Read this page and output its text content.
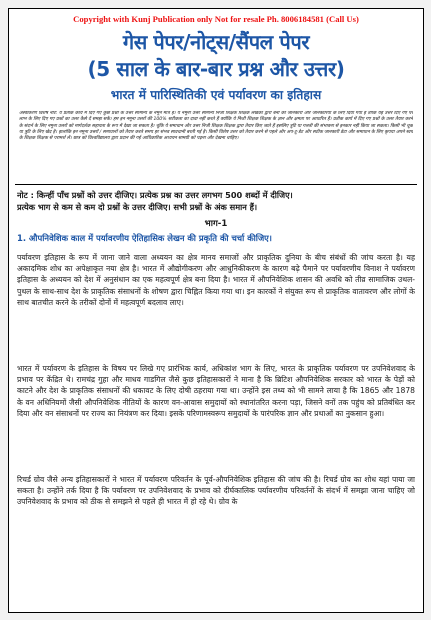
Copyright with Kunj Publication only Not for resale Ph. 8006184581 (Call Us)
गेस पेपर/नोट्स/सैंपल पेपर
(5 साल के बार-बार प्रश्न और उत्तर)
भारत में पारिस्थितिकी एवं पर्यावरण का इतिहास
अस्वीकरण विशेष नोट: ये प्रतीक कार्य में दिए गए कुछ प्रश्नों के उत्तर सामान्य के नमूने मात्र हैं। ये नमूना उत्तर सामान्य निजी शिक्षक शिक्षक लेखकों द्वारा बना की जानकारी और जानकारियों के लिए दिया गया है ताकि यह उत्तर दिए गए पर लाभ के लिए दिए गए प्रश्नों का उत्तर कैसे दें समझ सकें। हम इन नमूना उत्तरों की 100% सटीकता का दावा नहीं करते हैं क्योंकि ये निजी शिक्षक शिक्षक के ज्ञान और क्षमता पर आधारित हैं। प्रतीक कार्य में दिए गए प्रश्नों के उत्तर तैयार करने के संदर्भ के लिए नमूना उत्तरों को मार्गदर्शक सहायता के रूप में देखा जा सकता है। चूंकि ये समाधान और उत्तर निजी शिक्षक शिक्षक द्वारा तैयार किए जाते हैं इसलिए त्रुटि या गलती की संभावना से इनकार नहीं किया जा सकता। किसी भी चूक या त्रुटि के लिए खेद है। हालांकि इन नमूना उत्तरों / समाधानों को तैयार करते समय हर संभव सावधानी बरती गई है। किसी विशेष उत्तर को तैयार करने से पहले और अप-टू-डेट और सटीक जानकारी डेटा और समाधान के लिए कृपया अपने स्वयं के शिक्षक शिक्षक से परामर्श लें। छात्र को विश्वविद्यालय द्वारा प्रदान की गई आधिकारिक अध्ययन सामग्री को पढ़ना और देखना चाहिए।
नोट : किन्हीं पाँच प्रश्नों को उत्तर दीजिए। प्रत्येक प्रश्न का उत्तर लगभग 500 शब्दों में दीजिए।
प्रत्येक भाग से कम से कम दो प्रश्नों के उत्तर दीजिए। सभी प्रश्नों के अंक समान हैं।
भाग-1
1. औपनिवेशिक काल में पर्यावरणीय ऐतिहासिक लेखन की प्रकृति की चर्चा कीजिए।
पर्यावरण इतिहास के रूप में जाना जाने वाला अध्ययन का क्षेत्र मानव समाजों और प्राकृतिक दुनिया के बीच संबंधों की जांच करता है। यह अकादमिक शोध का अपेक्षाकृत नया क्षेत्र है। भारत में औद्योगीकरण और आधुनिकीकरण के कारण बढ़े पैमाने पर पर्यावरणीय विनाश ने पर्यावरण इतिहास के अध्ययन को देश में अनुसंधान का एक महत्वपूर्ण क्षेत्र बना दिया है। भारत में औपनिवेशिक शासन की अवधि को तीव्र सामाजिक उथल-पुथल के साथ-साथ देश के प्राकृतिक संसाधनों के शोषण द्वारा चिह्नित किया गया था। इन कारकों ने संयुक्त रूप से प्राकृतिक वातावरण और लोगों के साथ बातचीत करने के तरीकों दोनों में महत्वपूर्ण बदलाव लाए।
भारत में पर्यावरण के इतिहास के विषय पर लिखे गए प्रारंभिक कार्य, अधिकांश भाग के लिए, भारत के प्राकृतिक पर्यावरण पर उपनिवेशवाद के प्रभाव पर केंद्रित थे। रामचंद्र गुहा और माधव गाडगिल जैसे कुछ इतिहासकारों ने माना है कि ब्रिटिश औपनिवेशिक सरकार को भारत के पेड़ों को काटने और देश के प्राकृतिक संसाधनों की धकावट के लिए दोषी ठहराया गया था। उन्होंने इस तथ्य को भी सामने लाया है कि 1865 और 1878 के वन अधिनियमों जैसी औपनिवेशिक नीतियों के कारण वन-आवास समुदायों को स्थानांतरित करना पड़ा, जिसने वनों तक पहुंच को प्रतिबंधित कर दिया और वन संसाधनों पर राज्य का नियंत्रण कर दिया। इसके परिणामस्वरूप समुदायों के पारंपरिक ज्ञान और प्रथाओं का नुकसान हुआ।
रिचर्ड ग्रोव जैसे अन्य इतिहासकारों ने भारत में पर्यावरण परिवर्तन के पूर्व-औपनिवेशिक इतिहास की जांच की है। रिचर्ड ग्रोव का शोध यहां पाया जा सकता है। उन्होंने तर्क दिया है कि पर्यावरण पर उपनिवेशवाद के प्रभाव को दीर्घकालिक पर्यावरणीय परिवर्तनों के संदर्भ में समझा जाना चाहिए जो उपनिवेशवाद के प्रभाव को ठीक से समझने से पहले ही भारत में हो रहे थे। ग्रोव के
